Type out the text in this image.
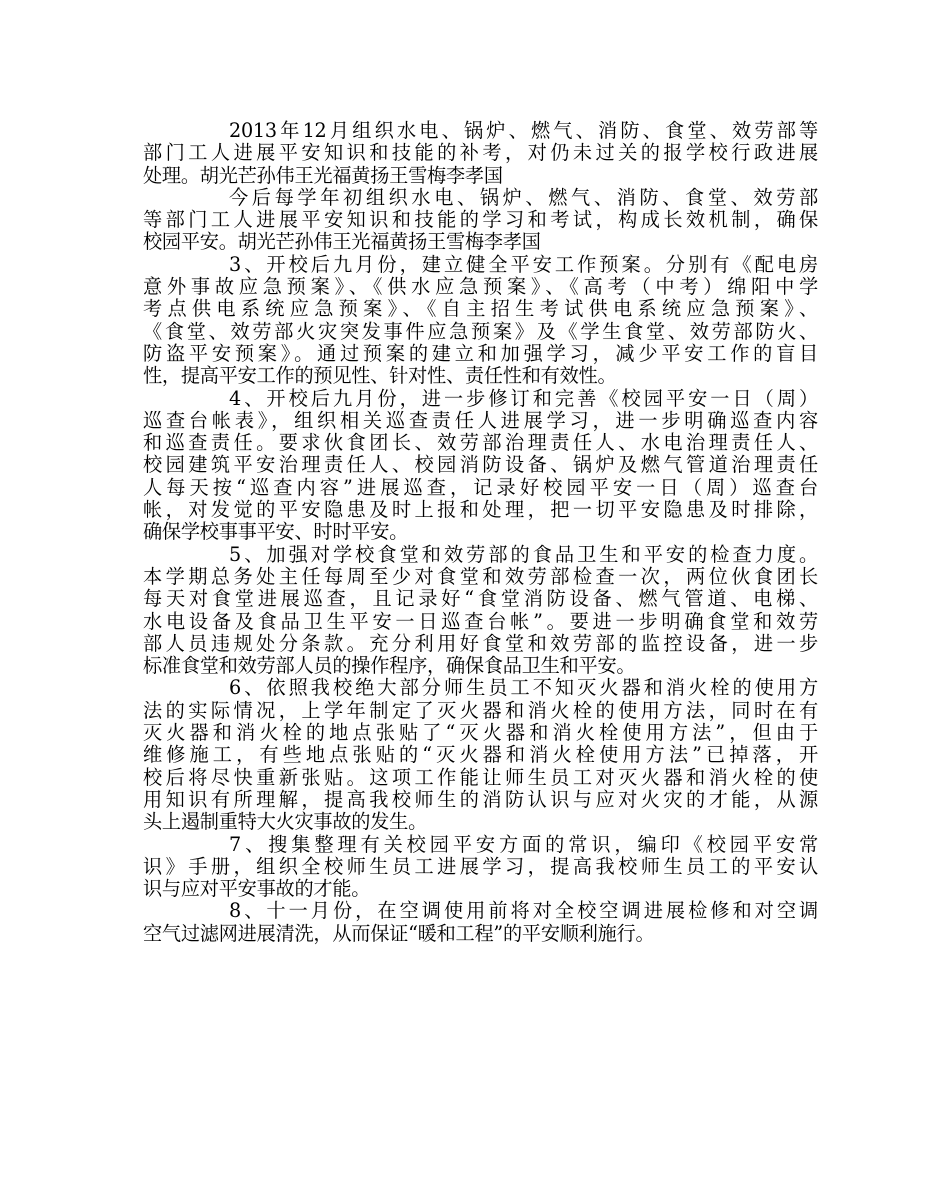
2013年12月组织水电、锅炉、燃气、消防、食堂、效劳部等
部门工人进展平安知识和技能的补考，对仍未过关的报学校行政进展
处理。胡光芒孙伟王光福黄扬王雪梅李孝国
今后每学年初组织水电、锅炉、燃气、消防、食堂、效劳部
等部门工人进展平安知识和技能的学习和考试，构成长效机制，确保
校园平安。胡光芒孙伟王光福黄扬王雪梅李孝国
3、开校后九月份，建立健全平安工作预案。分别有《配电房
意外事故应急预案》、《供水应急预案》、《高考（中考）绵阳中学
考点供电系统应急预案》、《自主招生考试供电系统应急预案》、
《食堂、效劳部火灾突发事件应急预案》及《学生食堂、效劳部防火、
防盗平安预案》。通过预案的建立和加强学习，减少平安工作的盲目
性，提高平安工作的预见性、针对性、责任性和有效性。
4、开校后九月份，进一步修订和完善《校园平安一日（周）
巡查台帐表》，组织相关巡查责任人进展学习，进一步明确巡查内容
和巡查责任。要求伙食团长、效劳部治理责任人、水电治理责任人、
校园建筑平安治理责任人、校园消防设备、锅炉及燃气管道治理责任
人每天按“巡查内容”进展巡查，记录好校园平安一日（周）巡查台
帐，对发觉的平安隐患及时上报和处理，把一切平安隐患及时排除，
确保学校事事平安、时时平安。
5、加强对学校食堂和效劳部的食品卫生和平安的检查力度。
本学期总务处主任每周至少对食堂和效劳部检查一次，两位伙食团长
每天对食堂进展巡查，且记录好“食堂消防设备、燃气管道、电梯、
水电设备及食品卫生平安一日巡查台帐”。要进一步明确食堂和效劳
部人员违规处分条款。充分利用好食堂和效劳部的监控设备，进一步
标准食堂和效劳部人员的操作程序，确保食品卫生和平安。
6、依照我校绝大部分师生员工不知灭火器和消火栓的使用方
法的实际情况，上学年制定了灭火器和消火栓的使用方法，同时在有
灭火器和消火栓的地点张贴了“灭火器和消火栓使用方法”，但由于
维修施工，有些地点张贴的“灭火器和消火栓使用方法”已掉落，开
校后将尽快重新张贴。这项工作能让师生员工对灭火器和消火栓的使
用知识有所理解，提高我校师生的消防认识与应对火灾的才能，从源
头上遏制重特大火灾事故的发生。
7、搜集整理有关校园平安方面的常识，编印《校园平安常
识》手册，组织全校师生员工进展学习，提高我校师生员工的平安认
识与应对平安事故的才能。
8、十一月份，在空调使用前将对全校空调进展检修和对空调
空气过滤网进展清洗，从而保证“暖和工程”的平安顺利施行。
